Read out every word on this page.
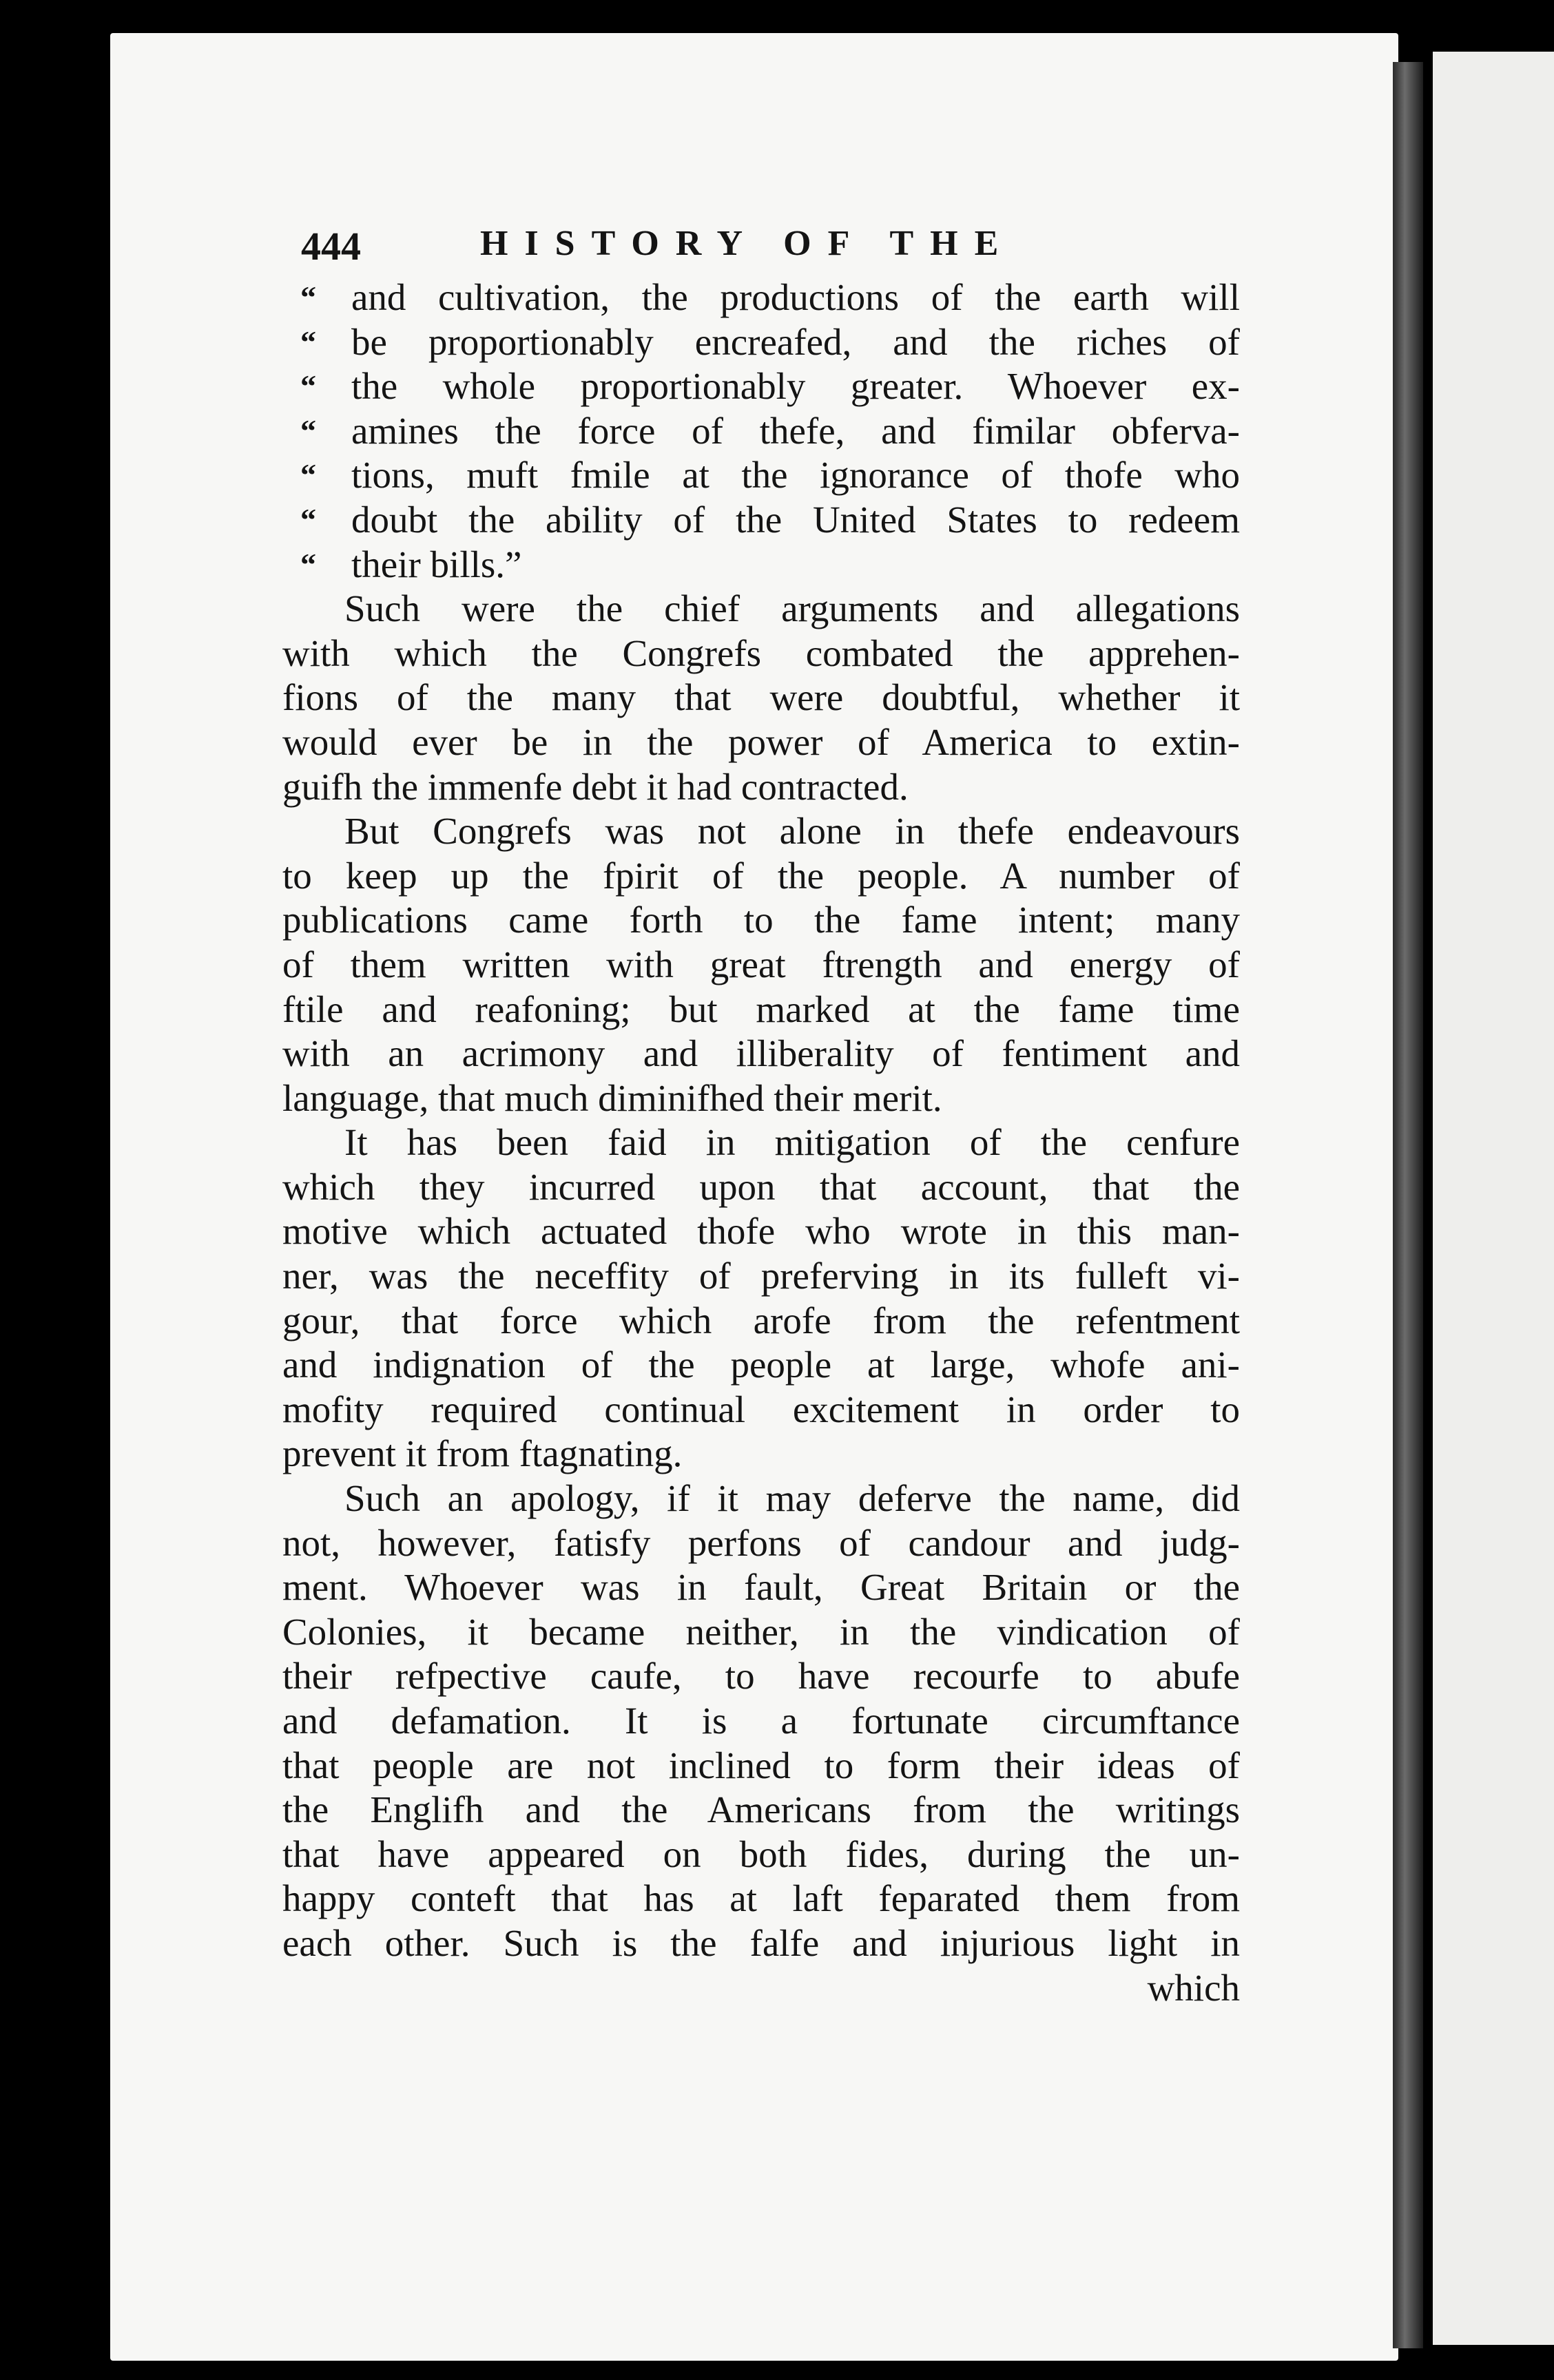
444	HISTORY OF THE
“ and cultivation, the productions of the earth will
“ be proportionably encreafed, and the riches of
“ the whole proportionably greater. Whoever ex-
“ amines the force of thefe, and fimilar obferva-
“ tions, muft fmile at the ignorance of thofe who
“ doubt the ability of the United States to redeem
“ their bills.”
Such were the chief arguments and allegations
with which the Congrefs combated the apprehen-
fions of the many that were doubtful, whether it
would ever be in the power of America to extin-
guifh the immenfe debt it had contracted.
But Congrefs was not alone in thefe endeavours
to keep up the fpirit of the people. A number of
publications came forth to the fame intent; many
of them written with great ftrength and energy of
ftile and reafoning; but marked at the fame time
with an acrimony and illiberality of fentiment and
language, that much diminifhed their merit.
It has been faid in mitigation of the cenfure
which they incurred upon that account, that the
motive which actuated thofe who wrote in this man-
ner, was the neceffity of preferving in its fulleft vi-
gour, that force which arofe from the refentment
and indignation of the people at large, whofe ani-
mofity required continual excitement in order to
prevent it from ftagnating.
Such an apology, if it may deferve the name, did
not, however, fatisfy perfons of candour and judg-
ment. Whoever was in fault, Great Britain or the
Colonies, it became neither, in the vindication of
their refpective caufe, to have recourfe to abufe
and defamation. It is a fortunate circumftance
that people are not inclined to form their ideas of
the Englifh and the Americans from the writings
that have appeared on both fides, during the un-
happy conteft that has at laft feparated them from
each other. Such is the falfe and injurious light in
which
